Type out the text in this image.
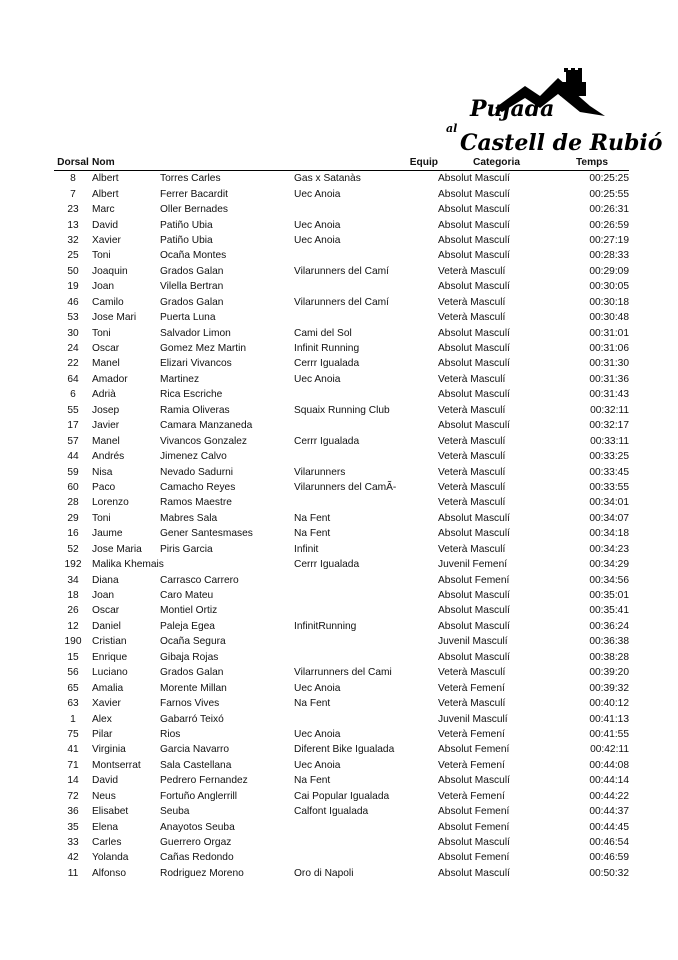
Pujada
al
Castell de Rubió
Dorsal	Nom		Equip	Categoria	Temps
8	Albert	Torres Carles	Gas x Satanàs	Absolut Masculí	00:25:25
7	Albert	Ferrer Bacardit	Uec Anoia	Absolut Masculí	00:25:55
23	Marc	Oller Bernades		Absolut Masculí	00:26:31
13	David	Patiño Ubia	Uec Anoia	Absolut Masculí	00:26:59
32	Xavier	Patiño Ubia	Uec Anoia	Absolut Masculí	00:27:19
25	Toni	Ocaña Montes		Absolut Masculí	00:28:33
50	Joaquin	Grados Galan	Vilarunners del Camí	Veterà Masculí	00:29:09
19	Joan	Vilella Bertran		Absolut Masculí	00:30:05
46	Camilo	Grados Galan	Vilarunners del Camí	Veterà Masculí	00:30:18
53	Jose Mari	Puerta Luna		Veterà Masculí	00:30:48
30	Toni	Salvador Limon	Cami del Sol	Absolut Masculí	00:31:01
24	Oscar	Gomez Mez Martin	Infinit Running	Absolut Masculí	00:31:06
22	Manel	Elizari Vivancos	Cerrr Igualada	Absolut Masculí	00:31:30
64	Amador	Martinez	Uec Anoia	Veterà Masculí	00:31:36
6	Adrià	Rica Escriche		Absolut Masculí	00:31:43
55	Josep	Ramia Oliveras	Squaix Running Club	Veterà Masculí	00:32:11
17	Javier	Camara Manzaneda		Absolut Masculí	00:32:17
57	Manel	Vivancos Gonzalez	Cerrr Igualada	Veterà Masculí	00:33:11
44	Andrés	Jimenez Calvo		Veterà Masculí	00:33:25
59	Nisa	Nevado Sadurni	Vilarunners	Veterà Masculí	00:33:45
60	Paco	Camacho Reyes	Vilarunners del CamÃ-	Veterà Masculí	00:33:55
28	Lorenzo	Ramos Maestre		Veterà Masculí	00:34:01
29	Toni	Mabres Sala	Na Fent	Absolut Masculí	00:34:07
16	Jaume	Gener Santesmases	Na Fent	Absolut Masculí	00:34:18
52	Jose Maria	Piris Garcia	Infinit	Veterà Masculí	00:34:23
192	Malika Khemais		Cerrr Igualada	Juvenil Femení	00:34:29
34	Diana	Carrasco Carrero		Absolut Femení	00:34:56
18	Joan	Caro Mateu		Absolut Masculí	00:35:01
26	Oscar	Montiel Ortiz		Absolut Masculí	00:35:41
12	Daniel	Paleja Egea	InfinitRunning	Absolut Masculí	00:36:24
190	Cristian	Ocaña Segura		Juvenil Masculí	00:36:38
15	Enrique	Gibaja Rojas		Absolut Masculí	00:38:28
56	Luciano	Grados Galan	Vilarrunners del Cami	Veterà Masculí	00:39:20
65	Amalia	Morente Millan	Uec Anoia	Veterà Femení	00:39:32
63	Xavier	Farnos Vives	Na Fent	Veterà Masculí	00:40:12
1	Alex	Gabarró Teixó		Juvenil Masculí	00:41:13
75	Pilar	Rios	Uec Anoia	Veterà Femení	00:41:55
41	Virginia	Garcia Navarro	Diferent Bike Igualada	Absolut Femení	00:42:11
71	Montserrat	Sala Castellana	Uec Anoia	Veterà Femení	00:44:08
14	David	Pedrero Fernandez	Na Fent	Absolut Masculí	00:44:14
72	Neus	Fortuño Anglerrill	Cai Popular Igualada	Veterà Femení	00:44:22
36	Elisabet	Seuba	Calfont Igualada	Absolut Femení	00:44:37
35	Elena	Anayotos Seuba		Absolut Femení	00:44:45
33	Carles	Guerrero Orgaz		Absolut Masculí	00:46:54
42	Yolanda	Cañas Redondo		Absolut Femení	00:46:59
11	Alfonso	Rodriguez Moreno	Oro di Napoli	Absolut Masculí	00:50:32
